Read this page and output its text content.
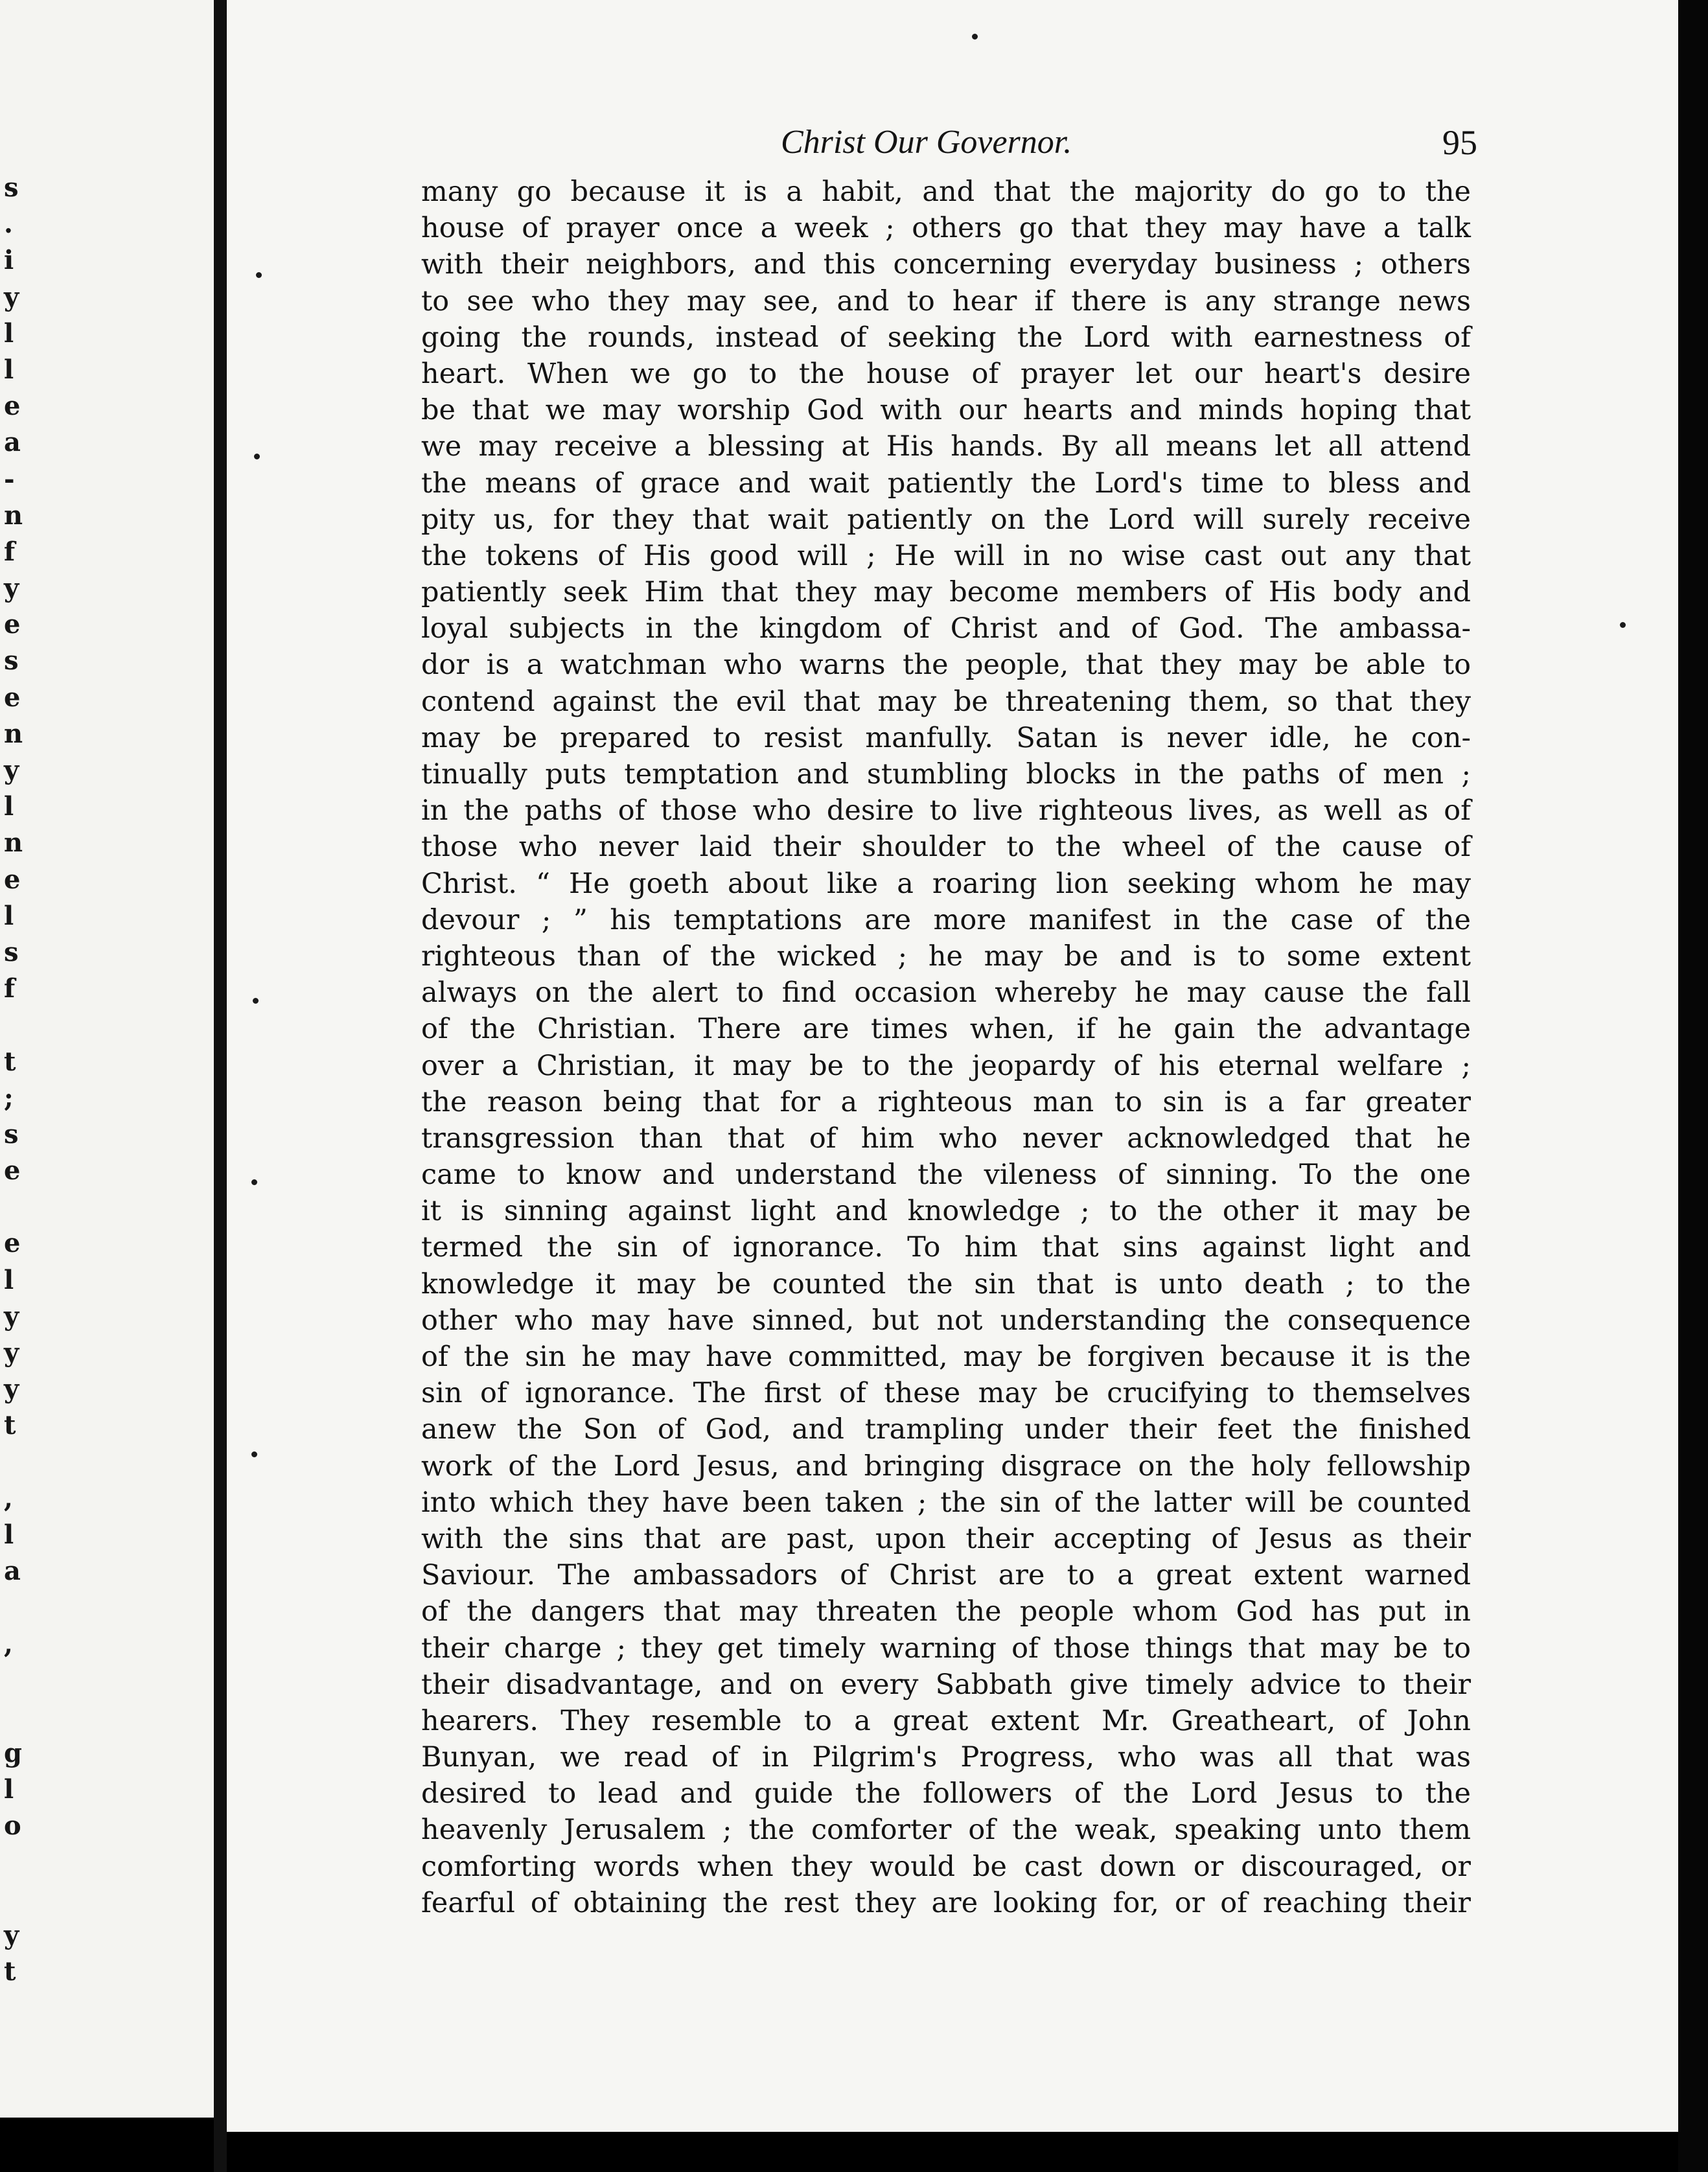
s
.
i
y
l
l
e
a
-
n
f
y
e
s
e
n
y
l
n
e
l
s
f
t
;
s
e
e
l
y
y
y
t
,
l
a
,
g
l
o
y
t
Christ Our Governor.	95
many go because it is a habit, and that the majority do go to the
house of prayer once a week ; others go that they may have a talk
with their neighbors, and this concerning everyday business ; others
to see who they may see, and to hear if there is any strange news
going the rounds, instead of seeking the Lord with earnestness of
heart. When we go to the house of prayer let our heart's desire
be that we may worship God with our hearts and minds hoping that
we may receive a blessing at His hands. By all means let all attend
the means of grace and wait patiently the Lord's time to bless and
pity us, for they that wait patiently on the Lord will surely receive
the tokens of His good will ; He will in no wise cast out any that
patiently seek Him that they may become members of His body and
loyal subjects in the kingdom of Christ and of God. The ambassa-
dor is a watchman who warns the people, that they may be able to
contend against the evil that may be threatening them, so that they
may be prepared to resist manfully. Satan is never idle, he con-
tinually puts temptation and stumbling blocks in the paths of men ;
in the paths of those who desire to live righteous lives, as well as of
those who never laid their shoulder to the wheel of the cause of
Christ. “ He goeth about like a roaring lion seeking whom he may
devour ; ” his temptations are more manifest in the case of the
righteous than of the wicked ; he may be and is to some extent
always on the alert to find occasion whereby he may cause the fall
of the Christian. There are times when, if he gain the advantage
over a Christian, it may be to the jeopardy of his eternal welfare ;
the reason being that for a righteous man to sin is a far greater
transgression than that of him who never acknowledged that he
came to know and understand the vileness of sinning. To the one
it is sinning against light and knowledge ; to the other it may be
termed the sin of ignorance. To him that sins against light and
knowledge it may be counted the sin that is unto death ; to the
other who may have sinned, but not understanding the consequence
of the sin he may have committed, may be forgiven because it is the
sin of ignorance. The first of these may be crucifying to themselves
anew the Son of God, and trampling under their feet the finished
work of the Lord Jesus, and bringing disgrace on the holy fellowship
into which they have been taken ; the sin of the latter will be counted
with the sins that are past, upon their accepting of Jesus as their
Saviour. The ambassadors of Christ are to a great extent warned
of the dangers that may threaten the people whom God has put in
their charge ; they get timely warning of those things that may be to
their disadvantage, and on every Sabbath give timely advice to their
hearers. They resemble to a great extent Mr. Greatheart, of John
Bunyan, we read of in Pilgrim's Progress, who was all that was
desired to lead and guide the followers of the Lord Jesus to the
heavenly Jerusalem ; the comforter of the weak, speaking unto them
comforting words when they would be cast down or discouraged, or
fearful of obtaining the rest they are looking for, or of reaching their
